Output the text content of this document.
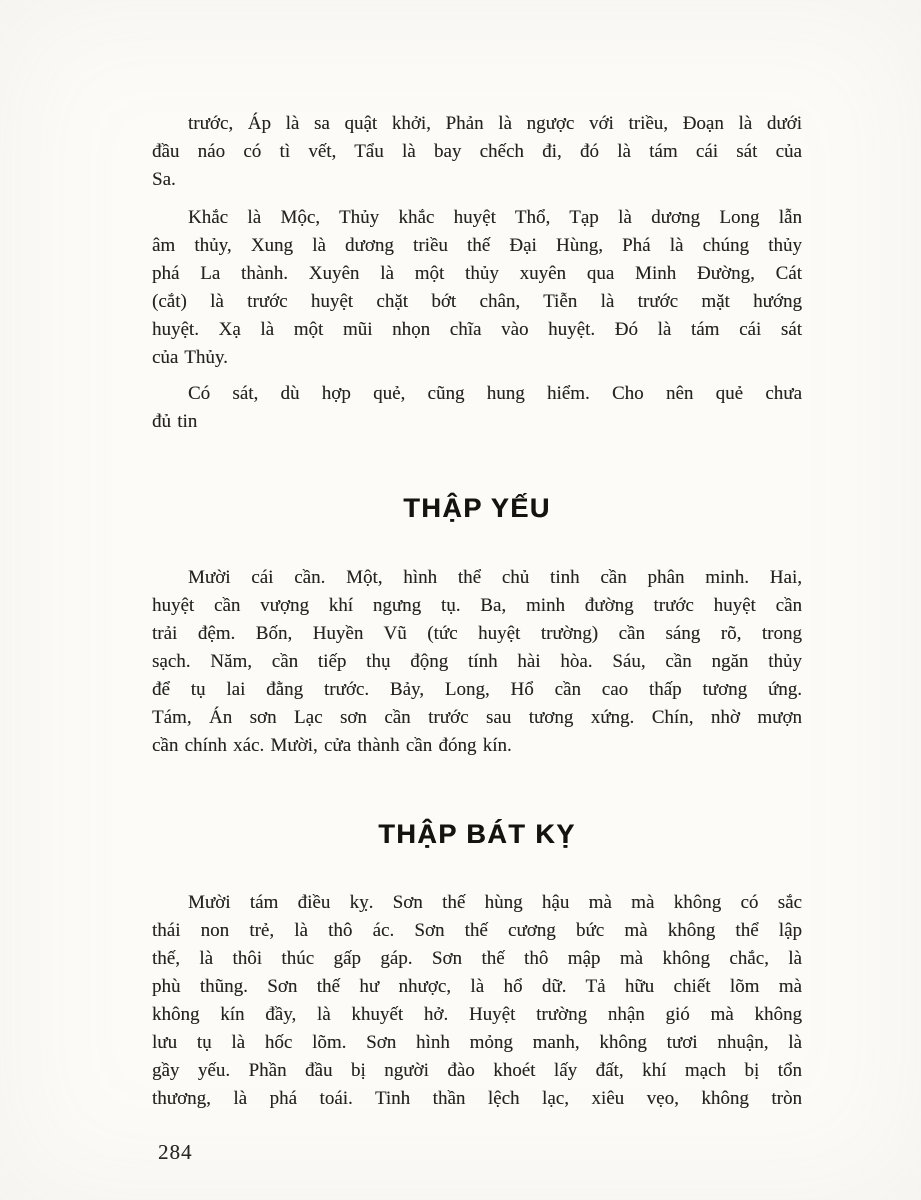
trước, Áp là sa quật khởi, Phản là ngược với triều, Đoạn là dưới
đầu náo có tì vết, Tẩu là bay chếch đi, đó là tám cái sát của
Sa.
Khắc là Mộc, Thủy khắc huyệt Thổ, Tạp là dương Long lẫn
âm thủy, Xung là dương triều thế Đại Hùng, Phá là chúng thủy
phá La thành. Xuyên là một thủy xuyên qua Minh Đường, Cát
(cắt) là trước huyệt chặt bớt chân, Tiễn là trước mặt hướng
huyệt. Xạ là một mũi nhọn chĩa vào huyệt. Đó là tám cái sát
của Thủy.
Có sát, dù hợp quẻ, cũng hung hiểm. Cho nên quẻ chưa
đủ tin
THẬP YẾU
Mười cái cần. Một, hình thể chủ tinh cần phân minh. Hai,
huyệt cần vượng khí ngưng tụ. Ba, minh đường trước huyệt cần
trải đệm. Bốn, Huyền Vũ (tức huyệt trường) cần sáng rõ, trong
sạch. Năm, cần tiếp thụ động tính hài hòa. Sáu, cần ngăn thủy
để tụ lai đằng trước. Bảy, Long, Hổ cần cao thấp tương ứng.
Tám, Án sơn Lạc sơn cần trước sau tương xứng. Chín, nhờ mượn
cần chính xác. Mười, cửa thành cần đóng kín.
THẬP BÁT KỴ
Mười tám điều kỵ. Sơn thế hùng hậu mà mà không có sắc
thái non trẻ, là thô ác. Sơn thế cương bức mà không thể lập
thế, là thôi thúc gấp gáp. Sơn thế thô mập mà không chắc, là
phù thũng. Sơn thế hư nhược, là hổ dữ. Tả hữu chiết lõm mà
không kín đầy, là khuyết hở. Huyệt trường nhận gió mà không
lưu tụ là hốc lõm. Sơn hình mỏng manh, không tươi nhuận, là
gầy yếu. Phần đầu bị người đào khoét lấy đất, khí mạch bị tổn
thương, là phá toái. Tinh thần lệch lạc, xiêu vẹo, không tròn
284
